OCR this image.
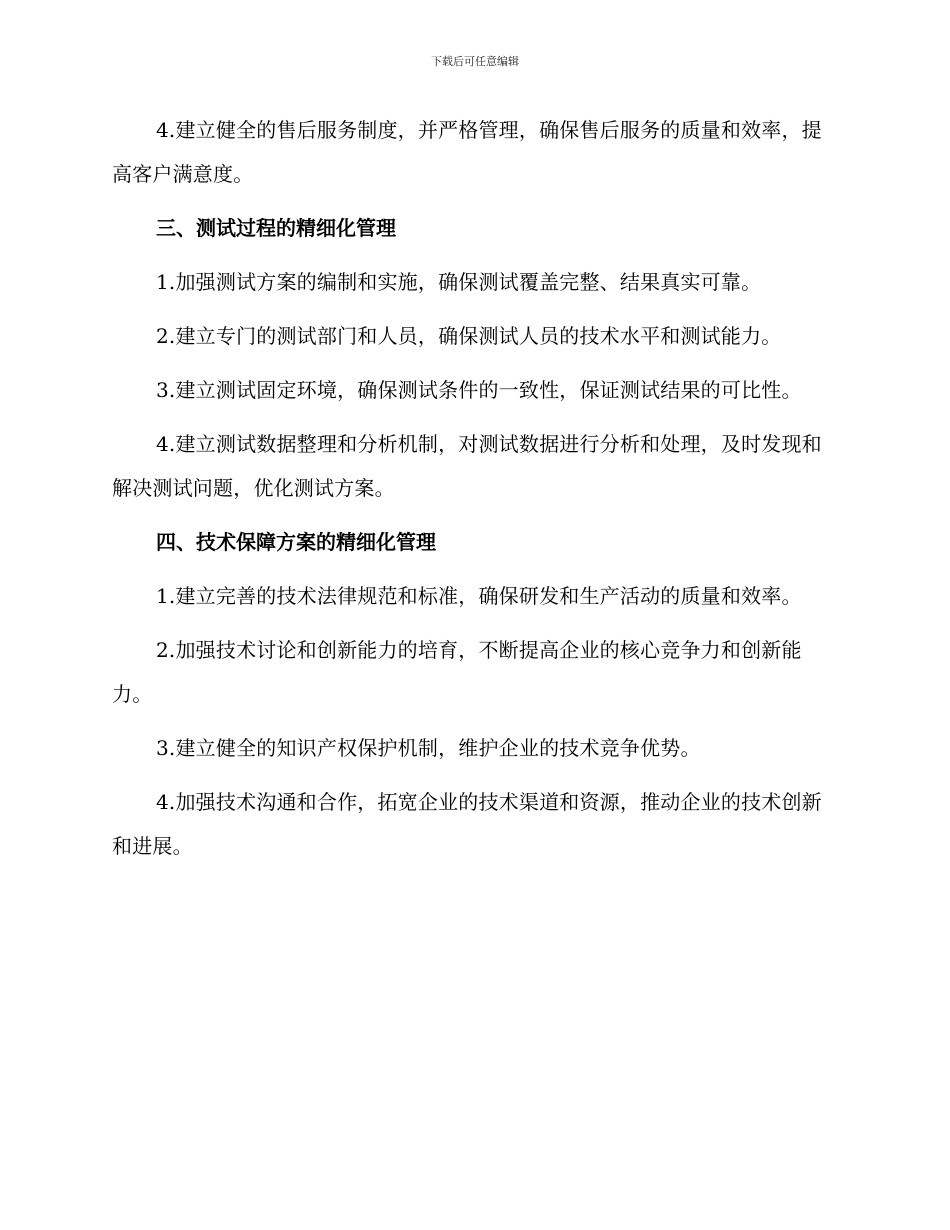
下载后可任意编辑

4.建立健全的售后服务制度，并严格管理，确保售后服务的质量和效率，提高客户满意度。

三、测试过程的精细化管理

1.加强测试方案的编制和实施，确保测试覆盖完整、结果真实可靠。

2.建立专门的测试部门和人员，确保测试人员的技术水平和测试能力。

3.建立测试固定环境，确保测试条件的一致性，保证测试结果的可比性。

4.建立测试数据整理和分析机制，对测试数据进行分析和处理，及时发现和解决测试问题，优化测试方案。

四、技术保障方案的精细化管理

1.建立完善的技术法律规范和标准，确保研发和生产活动的质量和效率。

2.加强技术讨论和创新能力的培育，不断提高企业的核心竞争力和创新能力。

3.建立健全的知识产权保护机制，维护企业的技术竞争优势。

4.加强技术沟通和合作，拓宽企业的技术渠道和资源，推动企业的技术创新和进展。
